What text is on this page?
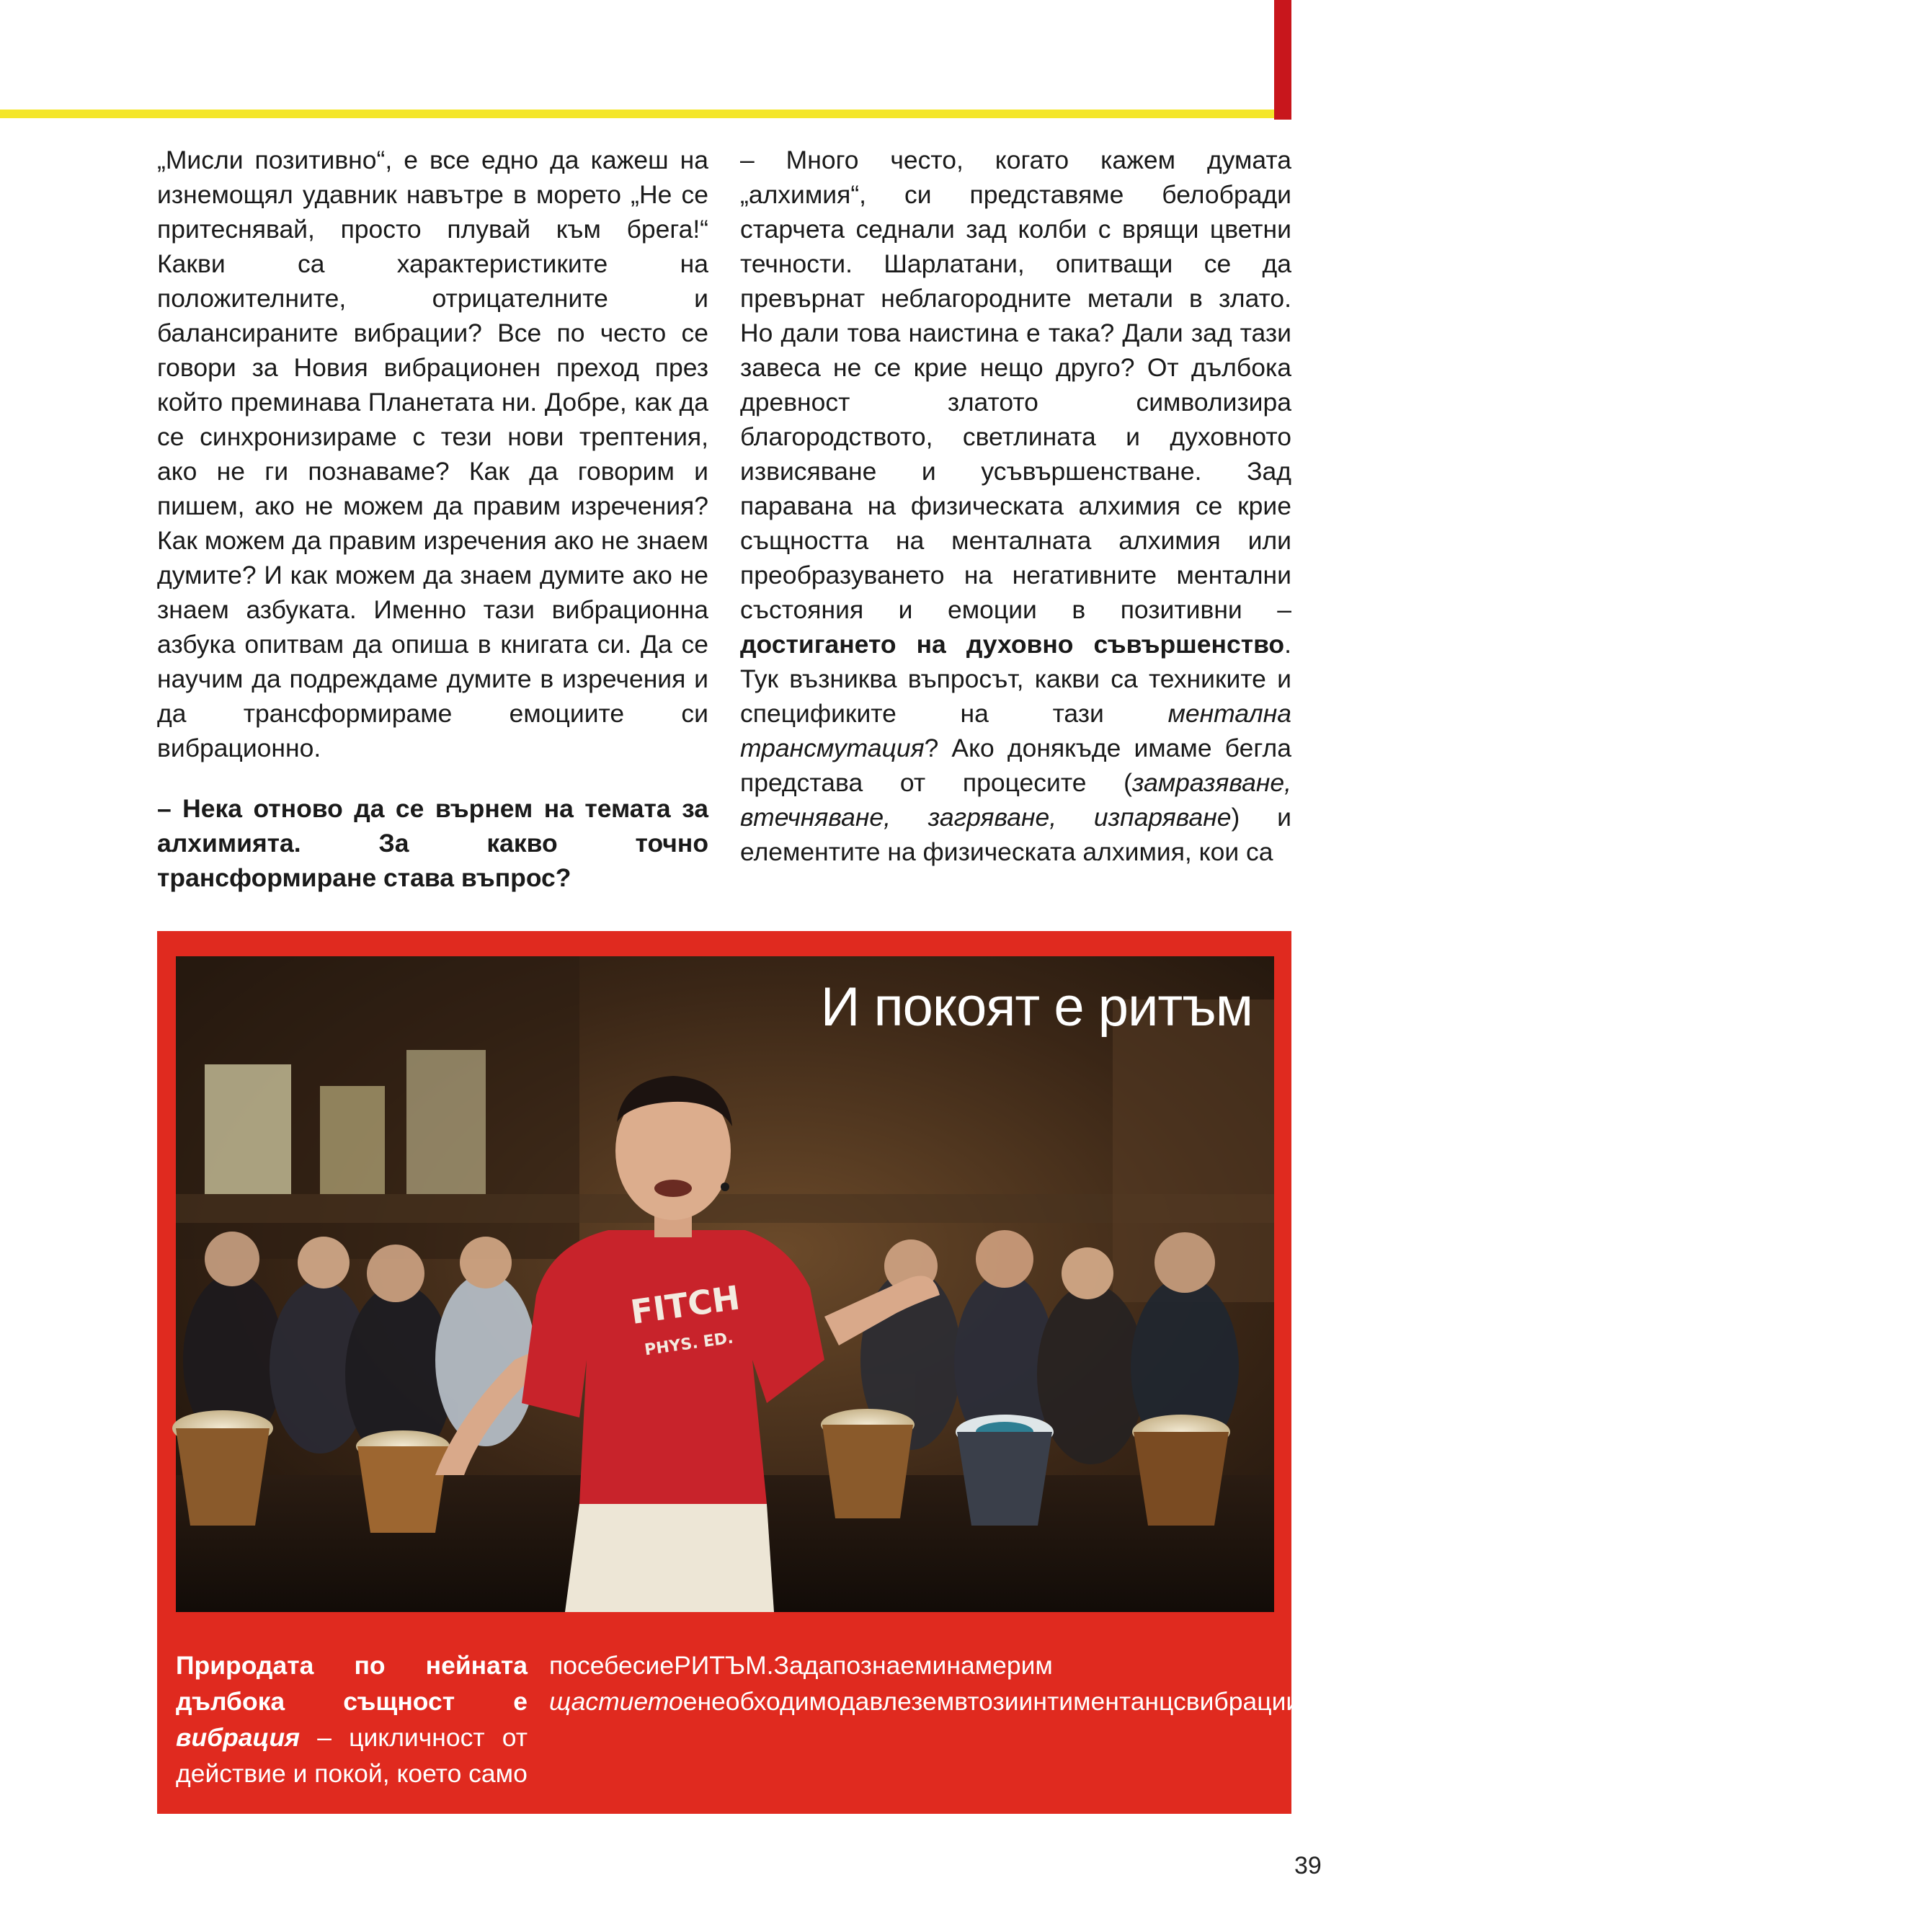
„Мисли позитивно“, е все едно да кажеш на изнемощял удавник навътре в морето „Не се притеснявай, просто плувай към брега!“ Какви са характеристиките на положителните, отрицателните и балансираните вибрации? Все по често се говори за Новия вибрационен преход през който преминава Планетата ни. Добре, как да се синхронизираме с тези нови трептения, ако не ги познаваме? Как да говорим и пишем, ако не можем да правим изречения? Как можем да правим изречения ако не знаем думите? И как можем да знаем думите ако не знаем азбуката. Именно тази вибрационна азбука опитвам да опиша в книгата си. Да се научим да подреждаме думите в изречения и да трансформираме емоциите си вибрационно.

– Нека отново да се върнем на темата за алхимията. За какво точно трансформиране става въпрос?

– Много често, когато кажем думата „алхимия“, си представяме белобради старчета седнали зад колби с врящи цветни течности. Шарлатани, опитващи се да превърнат неблагородните метали в злато. Но дали това наистина е така? Дали зад тази завеса не се крие нещо друго? От дълбока древност златото символизира благородството, светлината и духовното извисяване и усъвършенстване. Зад паравана на физическата алхимия се крие същността на менталната алхимия или преобразуването на негативните ментални състояния и емоции в позитивни – достигането на духовно съвършенство. Тук възниква въпросът, какви са техниките и спецификите на тази ментална трансмутация? Ако донякъде имаме бегла представа от процесите (замразяване, втечняване, загряване, изпаряване) и елементите на физическата алхимия, кои са

FITCH
PHYS. ED.
И покоят е ритъм
Природата по нейната дълбока същност е вибрация – цикличност от действие и покой, което само
посебесиеРИТЪМ.Задапознаеминамерим щастиетоенеобходимодавлеземвтозиинтиментанцсвибрациитеидаусетимистинскиароматанавсякоеднотрептене.
39
